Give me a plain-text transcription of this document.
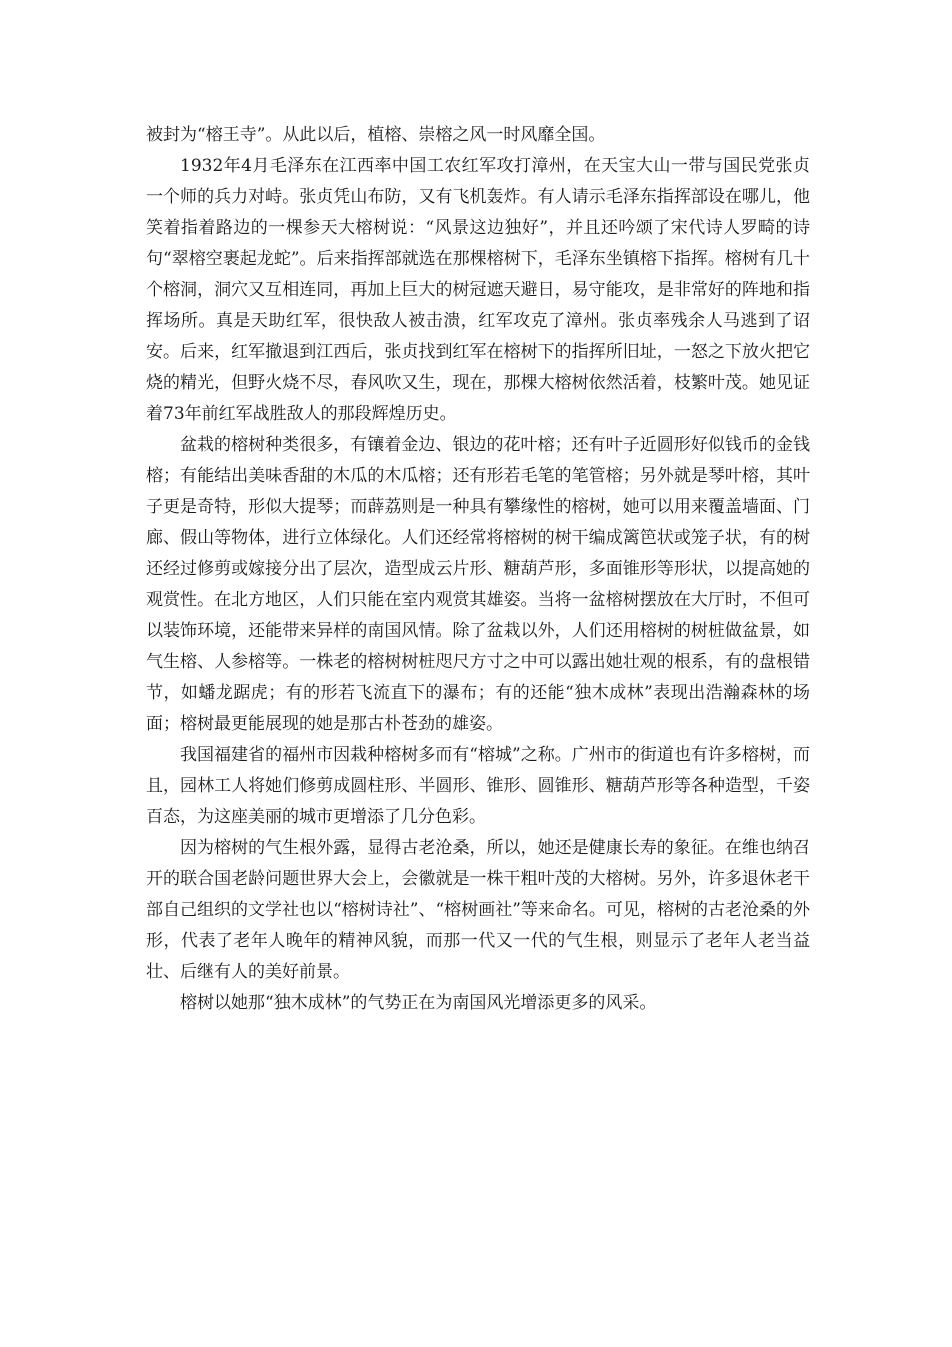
被封为“榕王寺”。从此以后，植榕、崇榕之风一时风靡全国。

1932年4月毛泽东在江西率中国工农红军攻打漳州，在天宝大山一带与国民党张贞一个师的兵力对峙。张贞凭山布防，又有飞机轰炸。有人请示毛泽东指挥部设在哪儿，他笑着指着路边的一棵参天大榕树说：“风景这边独好”，并且还吟颂了宋代诗人罗畸的诗句“翠榕空裹起龙蛇”。后来指挥部就选在那棵榕树下，毛泽东坐镇榕下指挥。榕树有几十个榕洞，洞穴又互相连同，再加上巨大的树冠遮天避日，易守能攻，是非常好的阵地和指挥场所。真是天助红军，很快敌人被击溃，红军攻克了漳州。张贞率残余人马逃到了诏安。后来，红军撤退到江西后，张贞找到红军在榕树下的指挥所旧址，一怒之下放火把它烧的精光，但野火烧不尽，春风吹又生，现在，那棵大榕树依然活着，枝繁叶茂。她见证着73年前红军战胜敌人的那段辉煌历史。

盆栽的榕树种类很多，有镶着金边、银边的花叶榕；还有叶子近圆形好似钱币的金钱榕；有能结出美味香甜的木瓜的木瓜榕；还有形若毛笔的笔管榕；另外就是琴叶榕，其叶子更是奇特，形似大提琴；而薜荔则是一种具有攀缘性的榕树，她可以用来覆盖墙面、门廊、假山等物体，进行立体绿化。人们还经常将榕树的树干编成篱笆状或笼子状，有的树还经过修剪或嫁接分出了层次，造型成云片形、糖葫芦形，多面锥形等形状，以提高她的观赏性。在北方地区，人们只能在室内观赏其雄姿。当将一盆榕树摆放在大厅时，不但可以装饰环境，还能带来异样的南国风情。除了盆栽以外，人们还用榕树的树桩做盆景，如气生榕、人参榕等。一株老的榕树树桩咫尺方寸之中可以露出她壮观的根系，有的盘根错节，如蟠龙踞虎；有的形若飞流直下的瀑布；有的还能“独木成林”表现出浩瀚森林的场面；榕树最更能展现的她是那古朴苍劲的雄姿。

我国福建省的福州市因栽种榕树多而有“榕城”之称。广州市的街道也有许多榕树，而且，园林工人将她们修剪成圆柱形、半圆形、锥形、圆锥形、糖葫芦形等各种造型，千姿百态，为这座美丽的城市更增添了几分色彩。

因为榕树的气生根外露，显得古老沧桑，所以，她还是健康长寿的象征。在维也纳召开的联合国老龄问题世界大会上，会徽就是一株干粗叶茂的大榕树。另外，许多退休老干部自己组织的文学社也以“榕树诗社”、“榕树画社”等来命名。可见，榕树的古老沧桑的外形，代表了老年人晚年的精神风貌，而那一代又一代的气生根，则显示了老年人老当益壮、后继有人的美好前景。

榕树以她那“独木成林”的气势正在为南国风光增添更多的风采。
